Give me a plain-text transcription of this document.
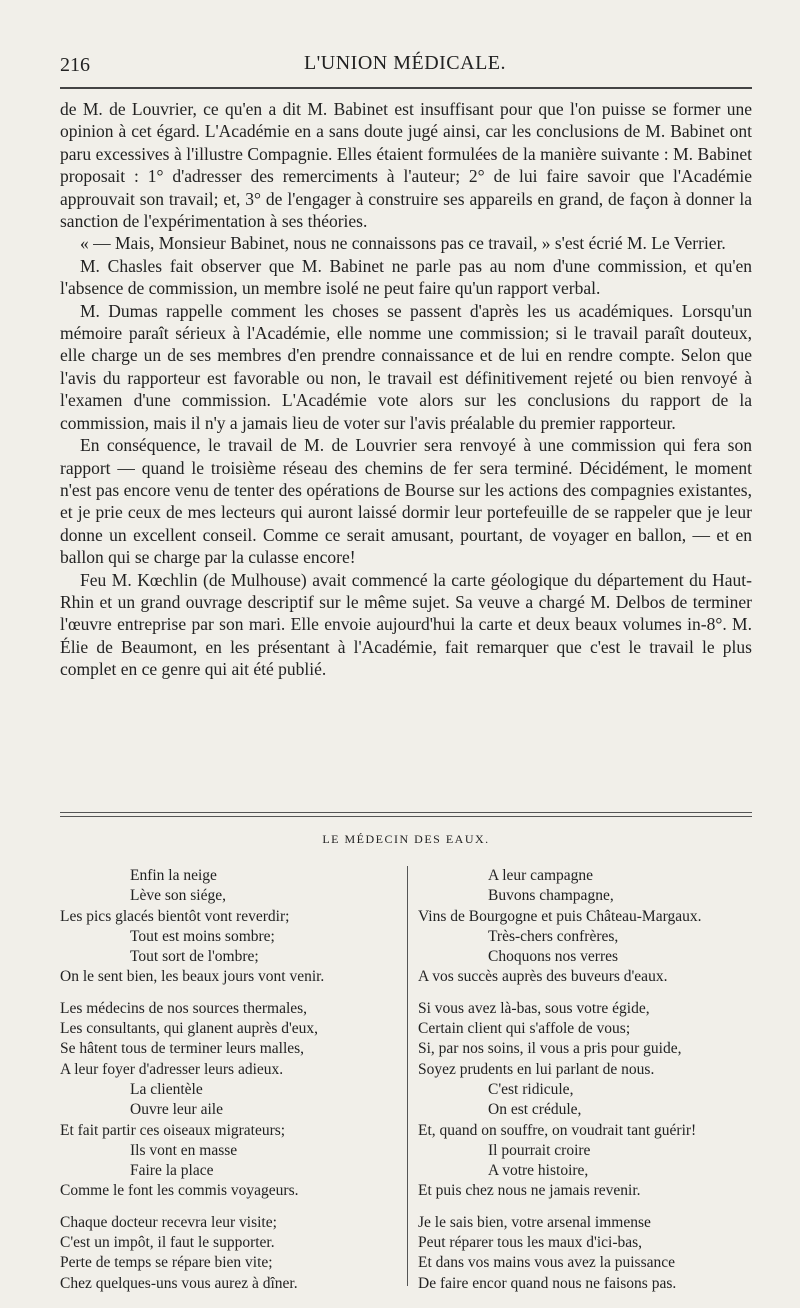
216	L'UNION MÉDICALE.

de M. de Louvrier, ce qu'en a dit M. Babinet est insuffisant pour que l'on puisse se former une opinion à cet égard. L'Académie en a sans doute jugé ainsi, car les conclusions de M. Babinet ont paru excessives à l'illustre Compagnie. Elles étaient formulées de la manière suivante : M. Babinet proposait : 1° d'adresser des remerciments à l'auteur; 2° de lui faire savoir que l'Académie approuvait son travail; et, 3° de l'engager à construire ses appareils en grand, de façon à donner la sanction de l'expérimentation à ses théories.

« — Mais, Monsieur Babinet, nous ne connaissons pas ce travail, » s'est écrié M. Le Verrier.

M. Chasles fait observer que M. Babinet ne parle pas au nom d'une commission, et qu'en l'absence de commission, un membre isolé ne peut faire qu'un rapport verbal.

M. Dumas rappelle comment les choses se passent d'après les us académiques. Lorsqu'un mémoire paraît sérieux à l'Académie, elle nomme une commission; si le travail paraît douteux, elle charge un de ses membres d'en prendre connaissance et de lui en rendre compte. Selon que l'avis du rapporteur est favorable ou non, le travail est définitivement rejeté ou bien renvoyé à l'examen d'une commission. L'Académie vote alors sur les conclusions du rapport de la commission, mais il n'y a jamais lieu de voter sur l'avis préalable du premier rapporteur.

En conséquence, le travail de M. de Louvrier sera renvoyé à une commission qui fera son rapport — quand le troisième réseau des chemins de fer sera terminé. Décidément, le moment n'est pas encore venu de tenter des opérations de Bourse sur les actions des compagnies existantes, et je prie ceux de mes lecteurs qui auront laissé dormir leur portefeuille de se rappeler que je leur donne un excellent conseil. Comme ce serait amusant, pourtant, de voyager en ballon, — et en ballon qui se charge par la culasse encore!

Feu M. Kœchlin (de Mulhouse) avait commencé la carte géologique du département du Haut-Rhin et un grand ouvrage descriptif sur le même sujet. Sa veuve a chargé M. Delbos de terminer l'œuvre entreprise par son mari. Elle envoie aujourd'hui la carte et deux beaux volumes in-8°. M. Élie de Beaumont, en les présentant à l'Académie, fait remarquer que c'est le travail le plus complet en ce genre qui ait été publié.

LE MÉDECIN DES EAUX.
Enfin la neige
Lève son siége,
Les pics glacés bientôt vont reverdir;
Tout est moins sombre;
Tout sort de l'ombre;
On le sent bien, les beaux jours vont venir.
Les médecins de nos sources thermales,
Les consultants, qui glanent auprès d'eux,
Se hâtent tous de terminer leurs malles,
A leur foyer d'adresser leurs adieux.
La clientèle
Ouvre leur aile
Et fait partir ces oiseaux migrateurs;
Ils vont en masse
Faire la place
Comme le font les commis voyageurs.
Chaque docteur recevra leur visite;
C'est un impôt, il faut le supporter.
Perte de temps se répare bien vite;
Chez quelques-uns vous aurez à dîner.
A leur campagne
Buvons champagne,
Vins de Bourgogne et puis Château-Margaux.
Très-chers confrères,
Choquons nos verres
A vos succès auprès des buveurs d'eaux.
Si vous avez là-bas, sous votre égide,
Certain client qui s'affole de vous;
Si, par nos soins, il vous a pris pour guide,
Soyez prudents en lui parlant de nous.
C'est ridicule,
On est crédule,
Et, quand on souffre, on voudrait tant guérir!
Il pourrait croire
A votre histoire,
Et puis chez nous ne jamais revenir.
Je le sais bien, votre arsenal immense
Peut réparer tous les maux d'ici-bas,
Et dans vos mains vous avez la puissance
De faire encor quand nous ne faisons pas.
